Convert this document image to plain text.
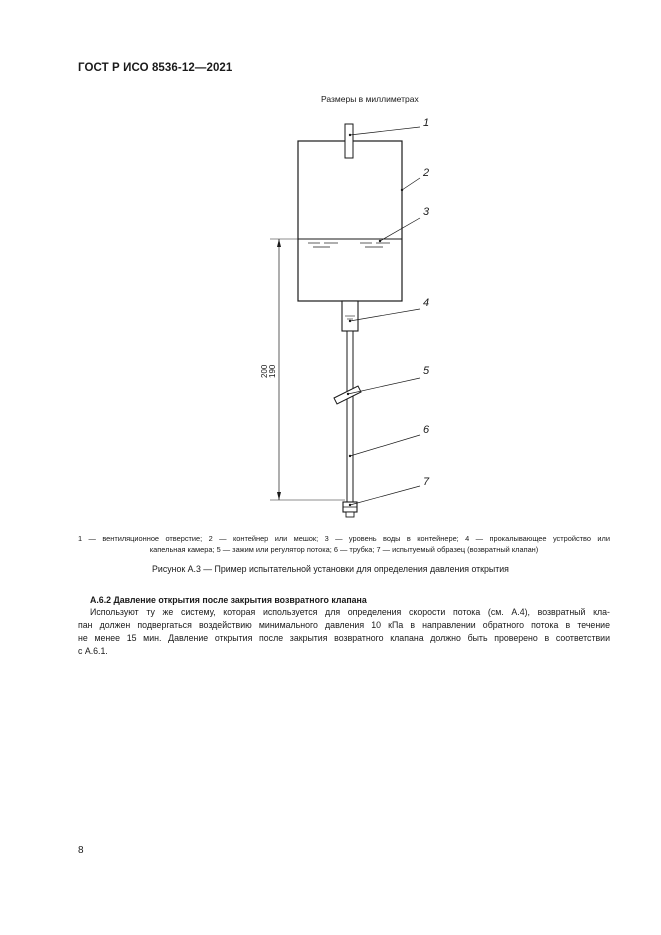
ГОСТ Р ИСО 8536-12—2021
Размеры в миллиметрах
1
2
3
4
5
6
7
200 190
1 — вентиляционное отверстие; 2 — контейнер или мешок; 3 — уровень воды в контейнере; 4 — прокалывающее устройство или
капельная камера; 5 — зажим или регулятор потока; 6 — трубка; 7 — испытуемый образец (возвратный клапан)
Рисунок А.3 — Пример испытательной установки для определения давления открытия
А.6.2 Давление открытия после закрытия возвратного клапана
Используют ту же систему, которая используется для определения скорости потока (см. А.4), возвратный кла-
пан должен подвергаться воздействию минимального давления 10 кПа в направлении обратного потока в течение
не менее 15 мин. Давление открытия после закрытия возвратного клапана должно быть проверено в соответствии
с А.6.1.
8
